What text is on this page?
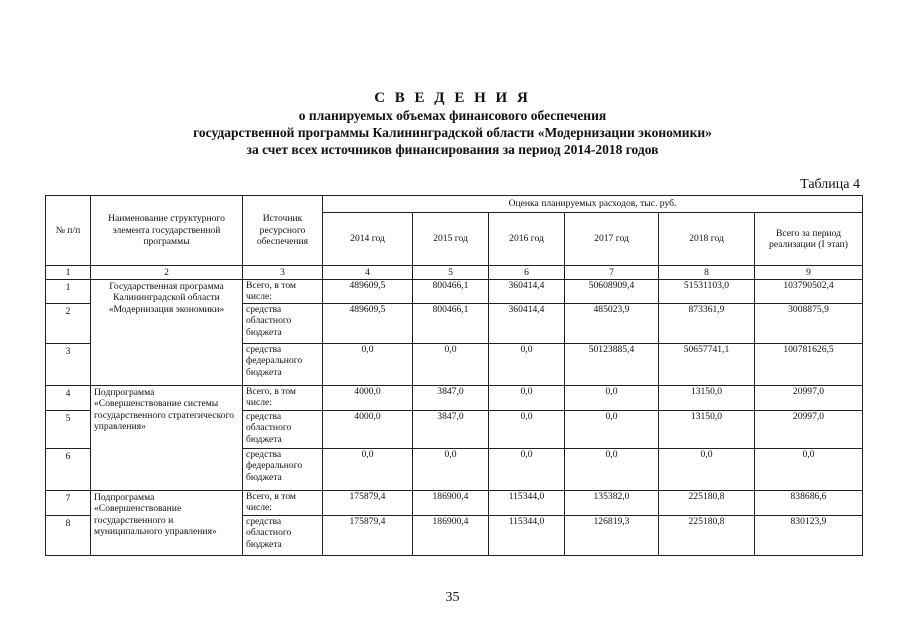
С В Е Д Е Н И Я
о планируемых объемах финансового обеспечения
государственной программы Калининградской области «Модернизации экономики»
за счет всех источников финансирования за период 2014-2018 годов
Таблица 4
№ п/п	Наименование структурного элемента государственной программы	Источник ресурсного обеспечения	Оценка планируемых расходов, тыс. руб.					
			2014 год	2015 год	2016 год	2017 год	2018 год	Всего за период реализации (I этап)
1	2	3	4	5	6	7	8	9
1	Государственная программа Калининградской области «Модернизация экономики»	Всего, в том числе:	489609,5	800466,1	360414,4	50608909,4	51531103,0	103790502,4
2		средства областного бюджета	489609,5	800466,1	360414,4	485023,9	873361,9	3008875,9
3		средства федерального бюджета	0,0	0,0	0,0	50123885,4	50657741,1	100781626,5
4	Подпрограмма «Совершенствование системы государственного стратегического управления»	Всего, в том числе:	4000,0	3847,0	0,0	0,0	13150,0	20997,0
5		средства областного бюджета	4000,0	3847,0	0,0	0,0	13150,0	20997,0
6		средства федерального бюджета	0,0	0,0	0,0	0,0	0,0	0,0
7	Подпрограмма «Совершенствование государственного и муниципального управления»	Всего, в том числе:	175879,4	186900,4	115344,0	135382,0	225180,8	838686,6
8		средства областного бюджета	175879,4	186900,4	115344,0	126819,3	225180,8	830123,9
35
